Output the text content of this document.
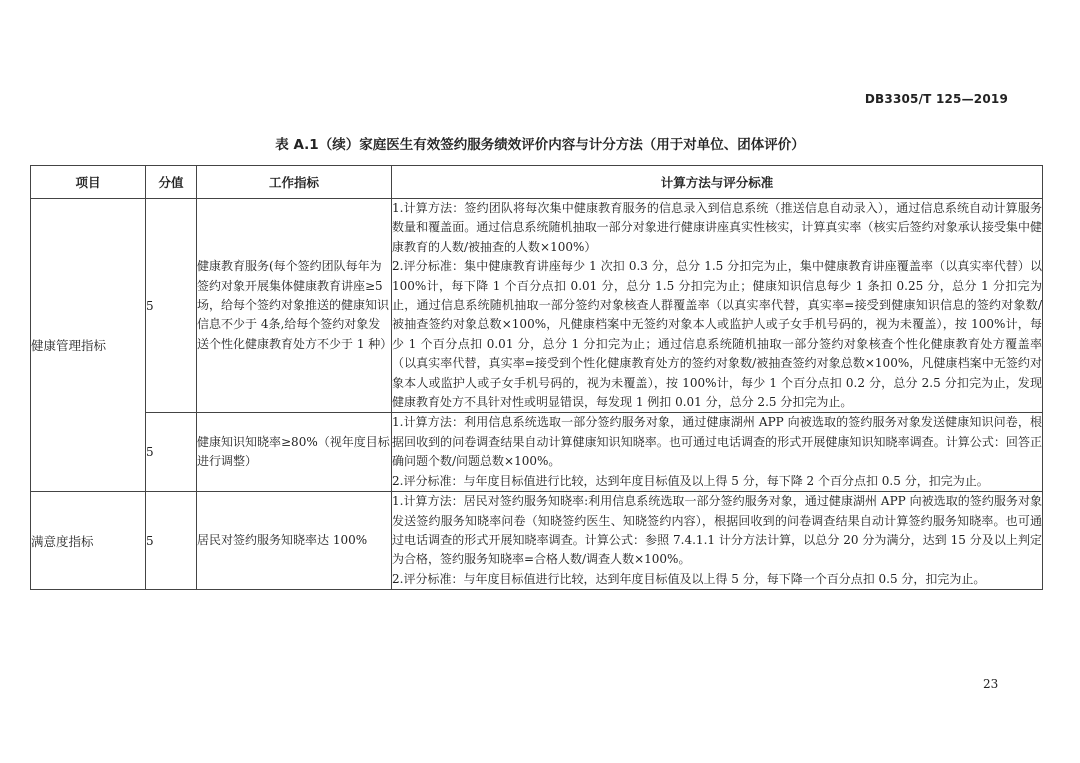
DB3305/T 125—2019
表 A.1（续）家庭医生有效签约服务绩效评价内容与计分方法（用于对单位、团体评价）
项目	分值	工作指标	计算方法与评分标准
健康管理指标	5	健康教育服务(每个签约团队每年为签约对象开展集体健康教育讲座≥5场，给每个签约对象推送的健康知识信息不少于 4条,给每个签约对象发送个性化健康教育处方不少于 1 种）	1.计算方法：签约团队将每次集中健康教育服务的信息录入到信息系统（推送信息自动录入），通过信息系统自动计算服务数量和覆盖面。通过信息系统随机抽取一部分对象进行健康讲座真实性核实，计算真实率（核实后签约对象承认接受集中健康教育的人数/被抽查的人数×100%）

2.评分标准：集中健康教育讲座每少 1 次扣 0.3 分，总分 1.5 分扣完为止，集中健康教育讲座覆盖率（以真实率代替）以 100%计，每下降 1 个百分点扣 0.01 分，总分 1.5 分扣完为止；健康知识信息每少 1 条扣 0.25 分，总分 1 分扣完为止，通过信息系统随机抽取一部分签约对象核查人群覆盖率（以真实率代替，真实率=接受到健康知识信息的签约对象数/被抽查签约对象总数×100%，凡健康档案中无签约对象本人或监护人或子女手机号码的，视为未覆盖），按 100%计，每少 1 个百分点扣 0.01 分，总分 1 分扣完为止；通过信息系统随机抽取一部分签约对象核查个性化健康教育处方覆盖率（以真实率代替，真实率=接受到个性化健康教育处方的签约对象数/被抽查签约对象总数×100%，凡健康档案中无签约对象本人或监护人或子女手机号码的，视为未覆盖），按 100%计，每少 1 个百分点扣 0.2 分，总分 2.5 分扣完为止，发现健康教育处方不具针对性或明显错误，每发现 1 例扣 0.01 分，总分 2.5 分扣完为止。

	5	健康知识知晓率≥80%（视年度目标进行调整）	1.计算方法：利用信息系统选取一部分签约服务对象，通过健康湖州 APP 向被选取的签约服务对象发送健康知识问卷，根据回收到的问卷调查结果自动计算健康知识知晓率。也可通过电话调查的形式开展健康知识知晓率调查。计算公式：回答正确问题个数/问题总数×100%。

2.评分标准：与年度目标值进行比较，达到年度目标值及以上得 5 分，每下降 2 个百分点扣 0.5 分，扣完为止。

满意度指标	5	居民对签约服务知晓率达 100%	1.计算方法：居民对签约服务知晓率:利用信息系统选取一部分签约服务对象，通过健康湖州 APP 向被选取的签约服务对象发送签约服务知晓率问卷（知晓签约医生、知晓签约内容），根据回收到的问卷调查结果自动计算签约服务知晓率。也可通过电话调查的形式开展知晓率调查。计算公式：参照 7.4.1.1 计分方法计算，以总分 20 分为满分，达到 15 分及以上判定为合格，签约服务知晓率=合格人数/调查人数×100%。

2.评分标准：与年度目标值进行比较，达到年度目标值及以上得 5 分，每下降一个百分点扣 0.5 分，扣完为止。

23
